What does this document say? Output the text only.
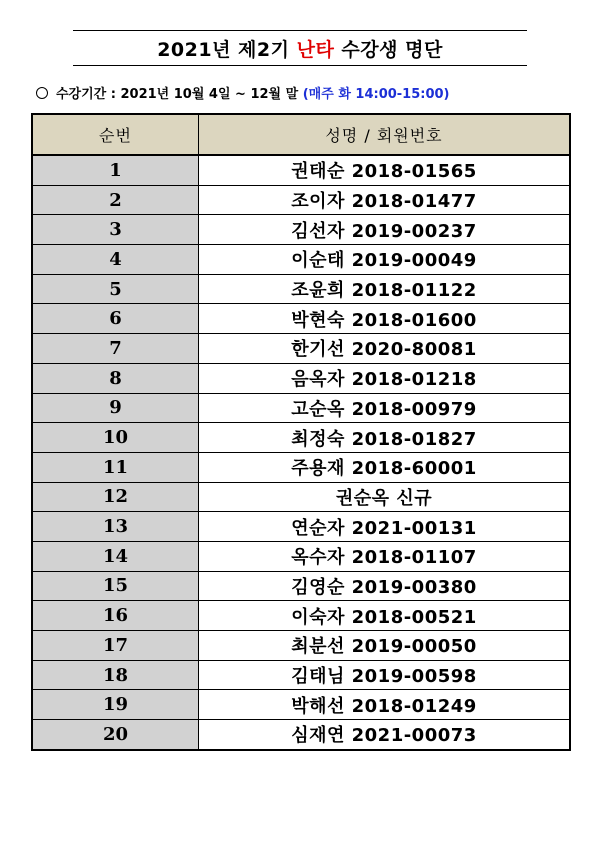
2021년 제2기 난타 수강생 명단
수강기간 : 2021년 10월 4일 ~ 12월 말 (매주 화 14:00-15:00)
순번	성명 / 회원번호
1	권태순 2018-01565
2	조이자 2018-01477
3	김선자 2019-00237
4	이순태 2019-00049
5	조윤희 2018-01122
6	박현숙 2018-01600
7	한기선 2020-80081
8	음옥자 2018-01218
9	고순옥 2018-00979
10	최정숙 2018-01827
11	주용재 2018-60001
12	권순옥 신규
13	연순자 2021-00131
14	옥수자 2018-01107
15	김영순 2019-00380
16	이숙자 2018-00521
17	최분선 2019-00050
18	김태님 2019-00598
19	박해선 2018-01249
20	심재연 2021-00073
